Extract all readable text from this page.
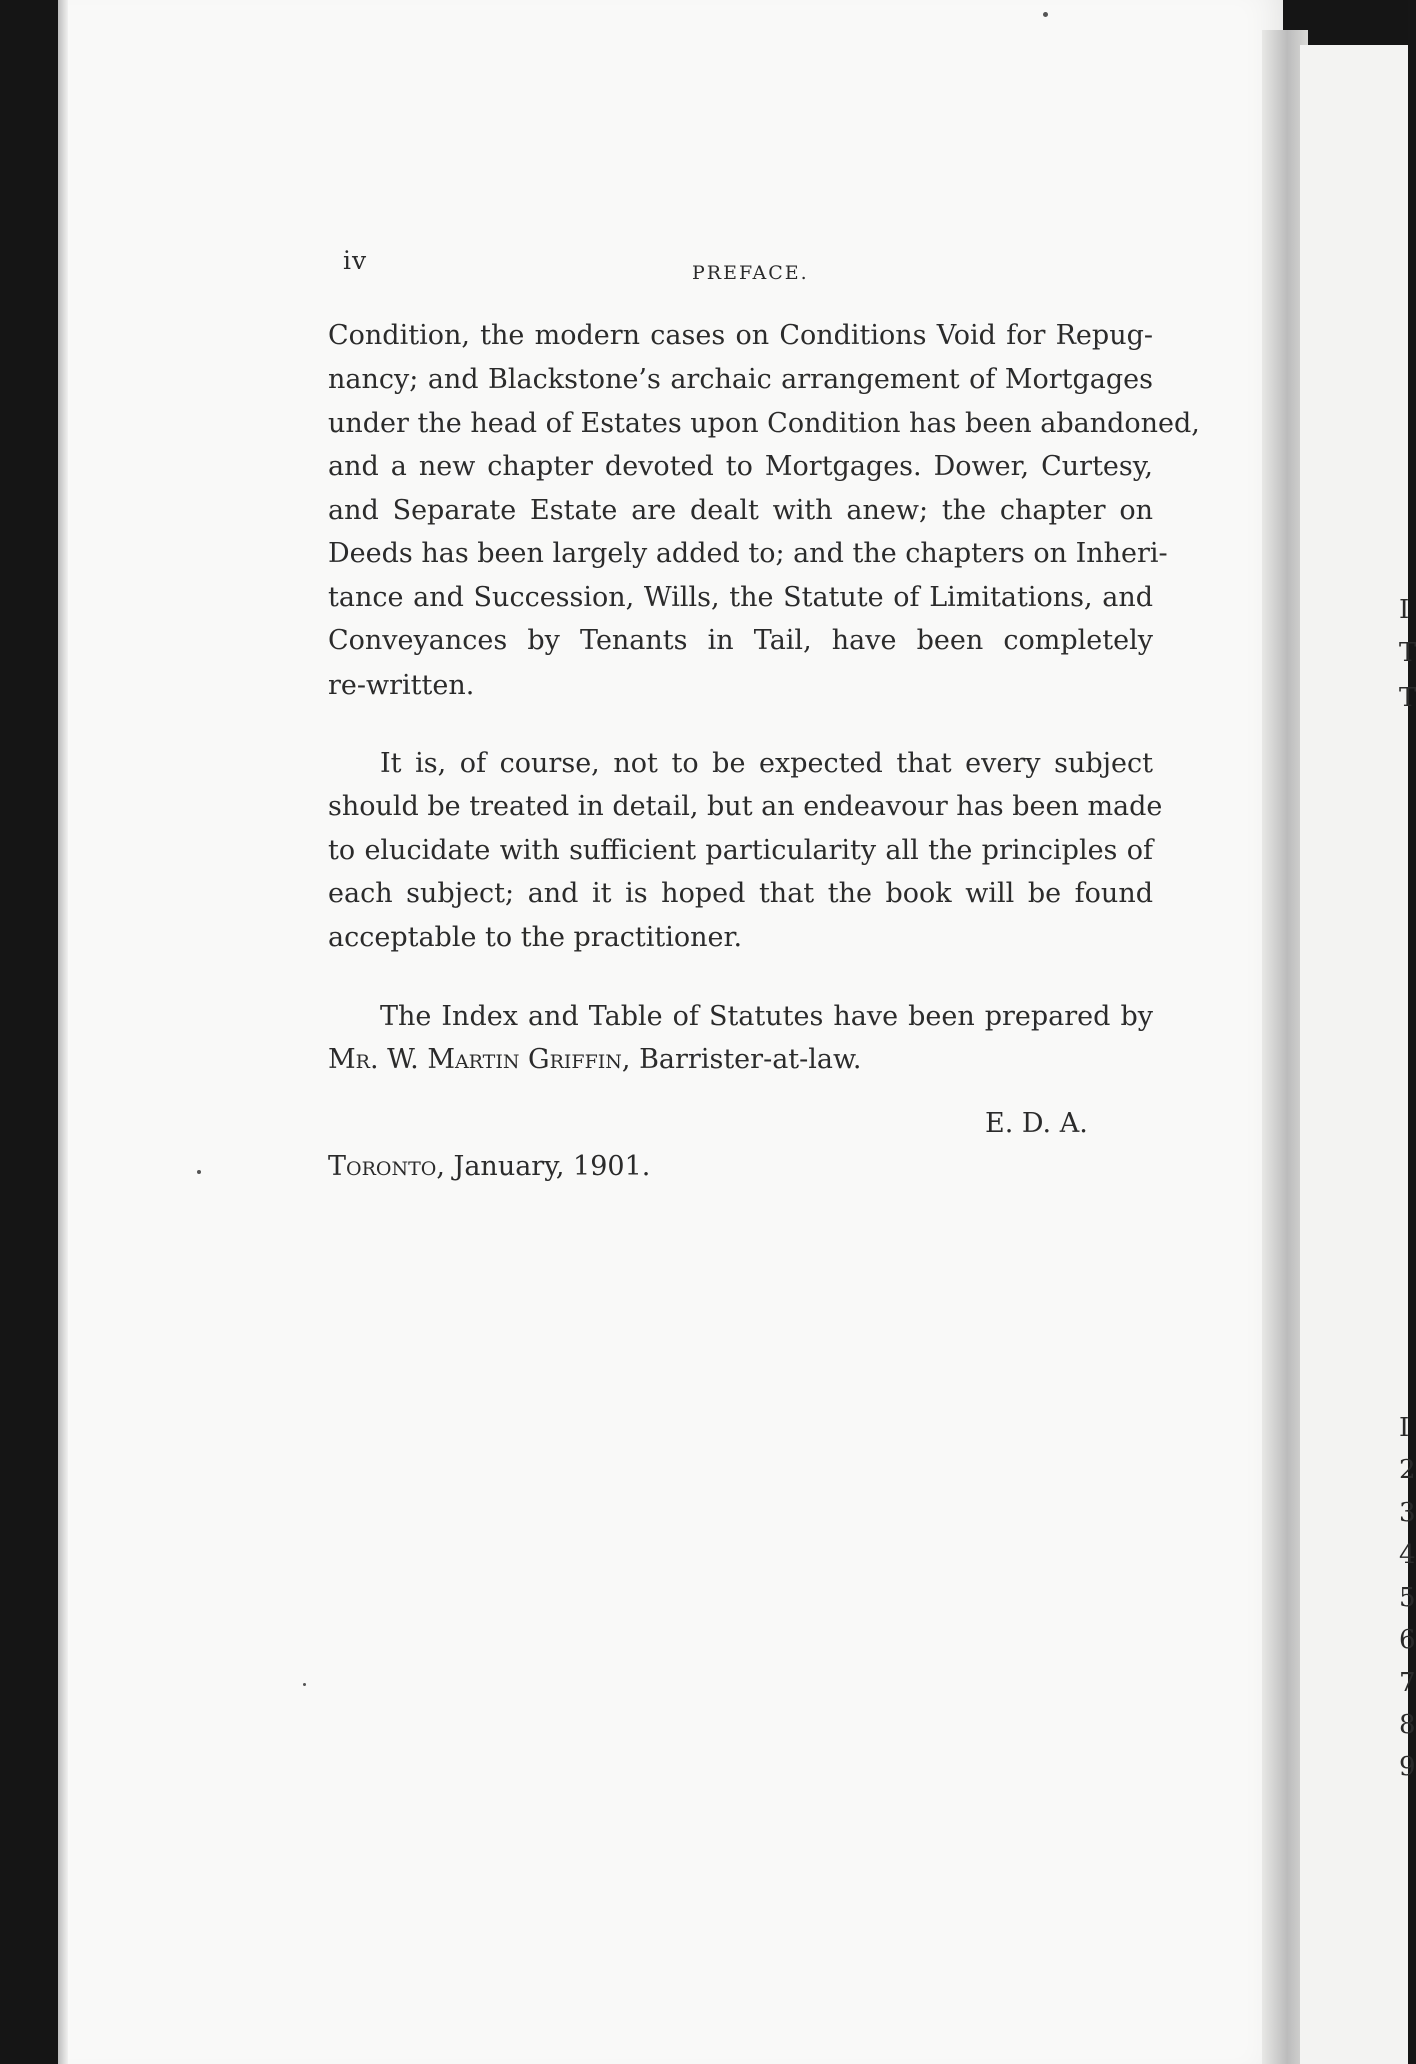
iv	PREFACE.
Condition, the modern cases on Conditions Void for Repug-
nancy; and Blackstone’s archaic arrangement of Mortgages
under the head of Estates upon Condition has been abandoned,
and a new chapter devoted to Mortgages. Dower, Curtesy,
and Separate Estate are dealt with anew; the chapter on
Deeds has been largely added to; and the chapters on Inheri-
tance and Succession, Wills, the Statute of Limitations, and
Conveyances by Tenants in Tail, have been completely
re-written.
It is, of course, not to be expected that every subject
should be treated in detail, but an endeavour has been made
to elucidate with sufficient particularity all the principles of
each subject; and it is hoped that the book will be found
acceptable to the practitioner.
The Index and Table of Statutes have been prepared by
Mr. W. Martin Griffin, Barrister-at-law.
E. D. A.
Toronto, January, 1901.
I
T
T
I
2
3
4
5
6
7
8
9
